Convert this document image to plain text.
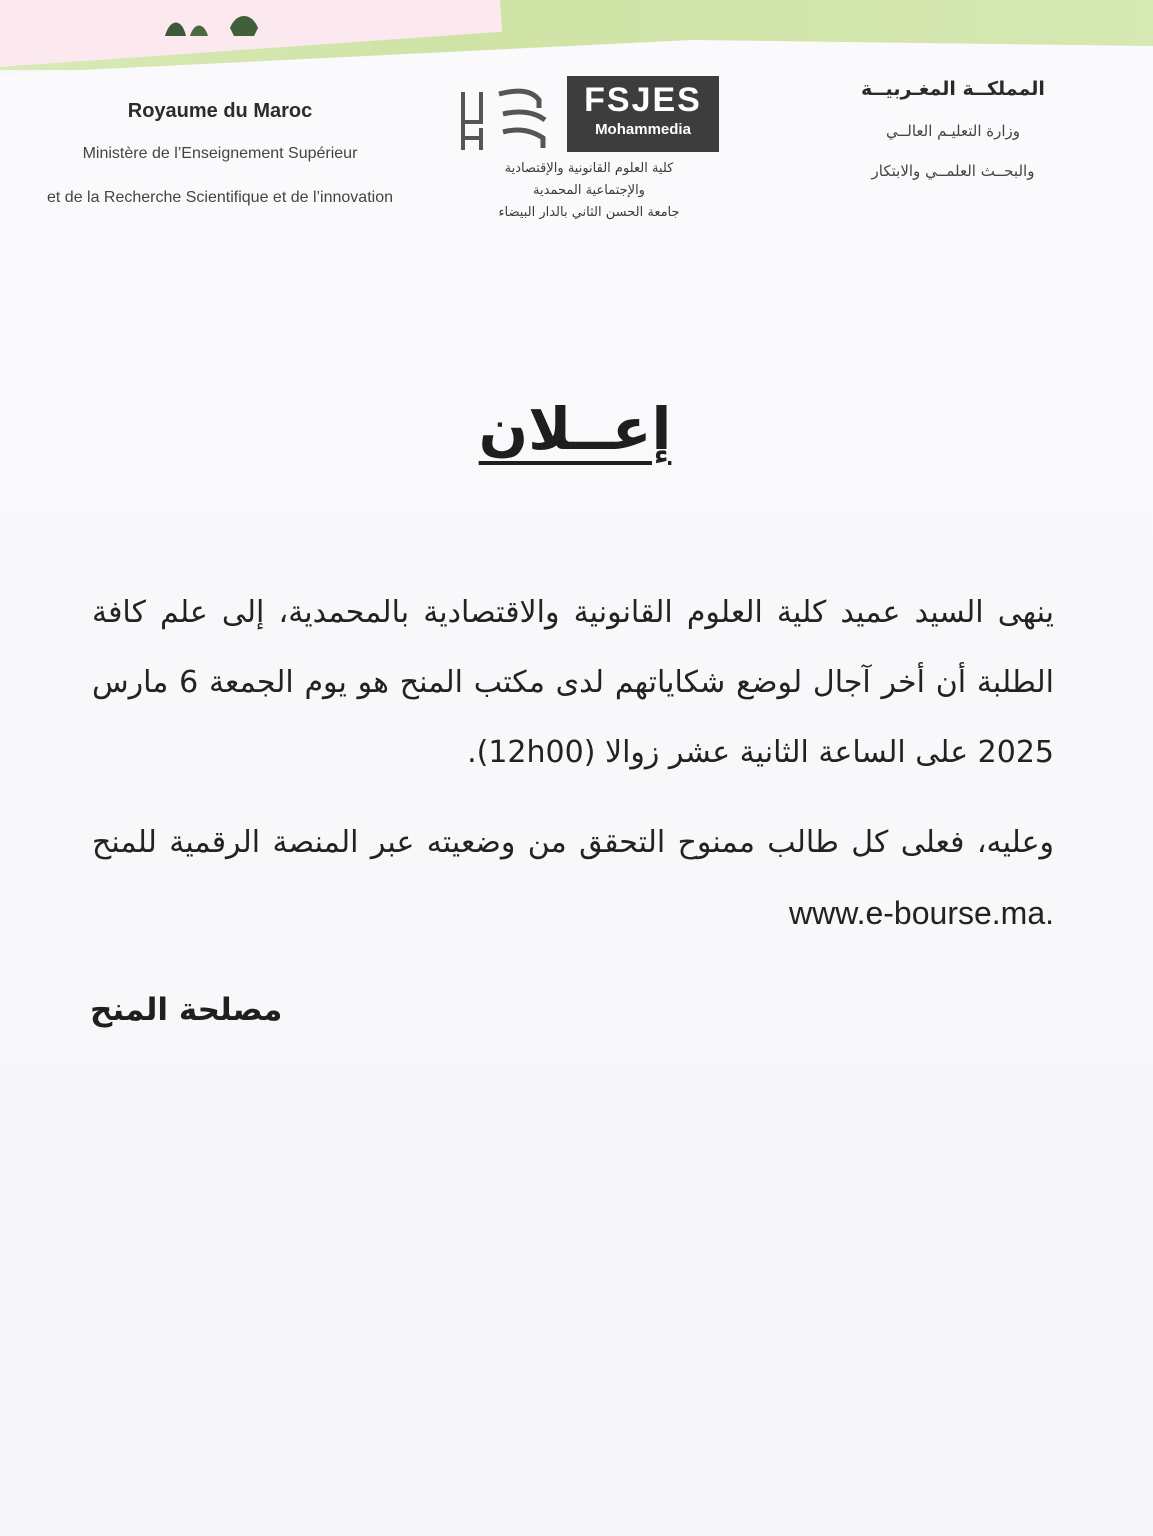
Royaume du Maroc
Ministère de l’Enseignement Supérieur
et de la Recherche Scientifique et de l’innovation
FSJES
Mohammedia
كلية العلوم القانونية والإقتصادية
والإجتماعية المحمدية
جامعة الحسن الثاني بالدار البيضاء
المملكــة المغـربيــة
وزارة التعليـم العالــي
والبحــث العلمــي والابتكار
إعــلان

ينهى السيد عميد كلية العلوم القانونية والاقتصادية بالمحمدية، إلى علم كافة الطلبة أن أخر آجال لوضع شكاياتهم لدى مكتب المنح هو يوم الجمعة 6 مارس 2025 على الساعة الثانية عشر زوالا (12h00).

وعليه، فعلى كل طالب ممنوح التحقق من وضعيته عبر المنصة الرقمية للمنح www.e-bourse.ma.

مصلحة المنح
